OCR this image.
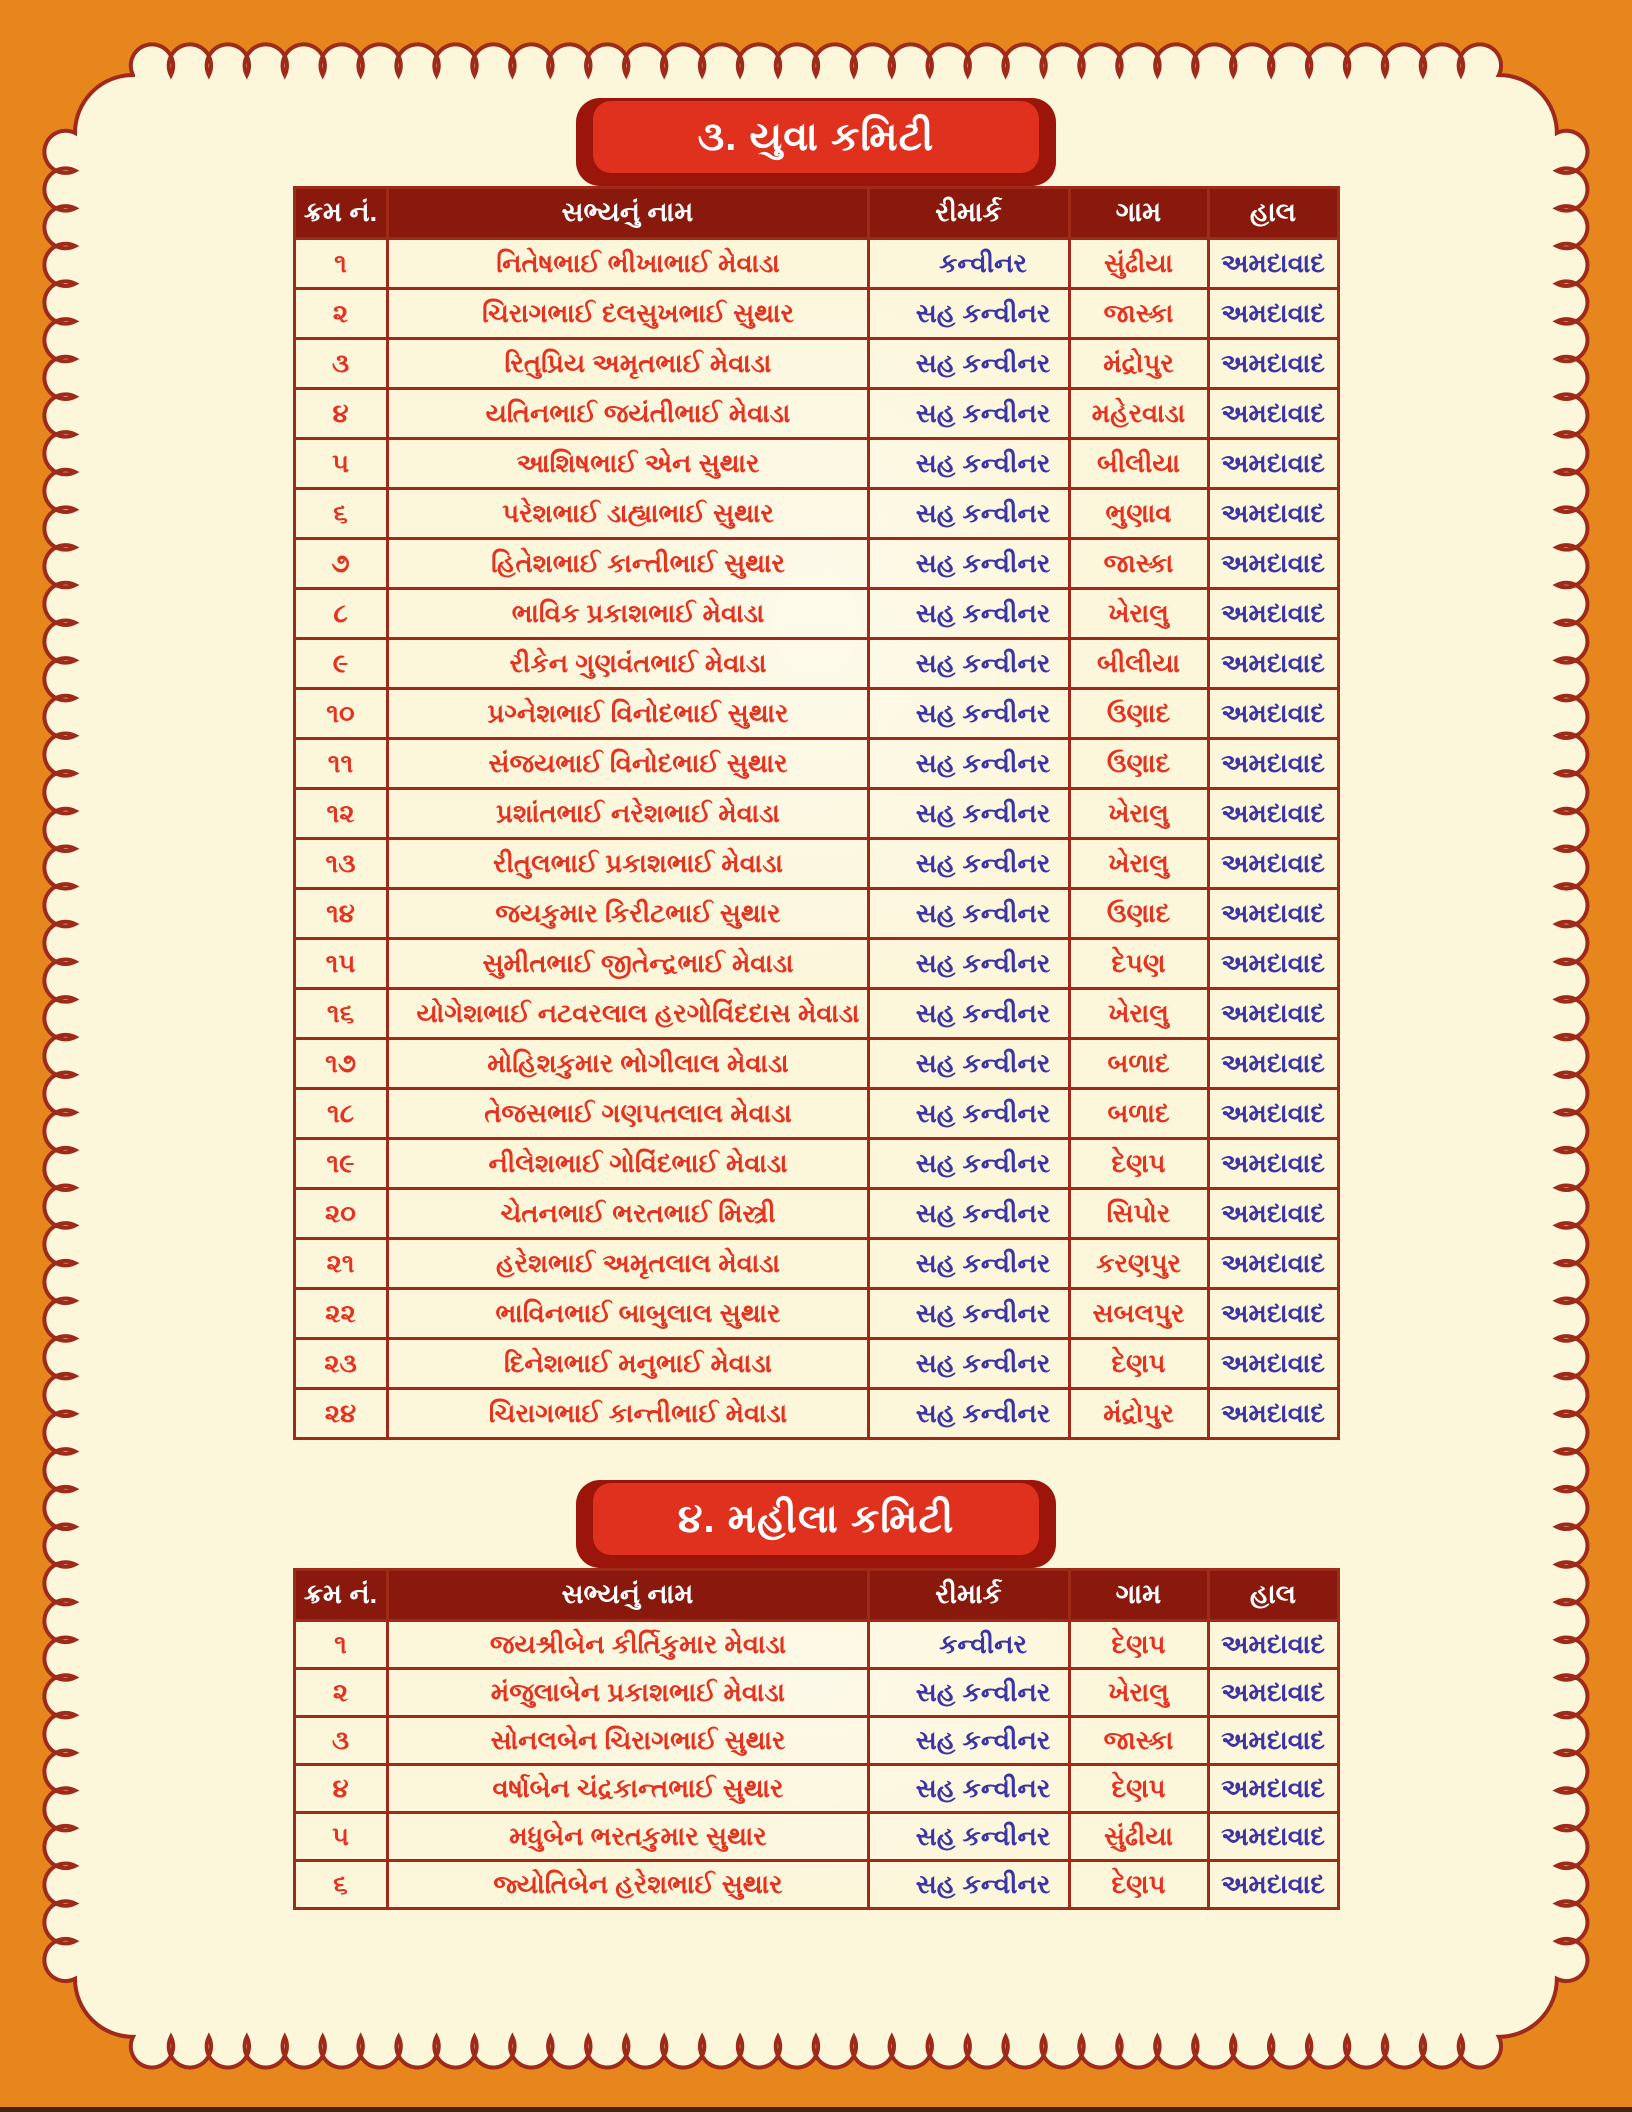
૩. યુવા કમિટી
ક્રમ નં.	સભ્યનું નામ	રીમાર્ક	ગામ	હાલ
૧	નિતેષભાઈ ભીખાભાઈ મેવાડા	કન્વીનર	સુંઢીયા	અમદાવાદ
૨	ચિરાગભાઈ દલસુખભાઈ સુથાર	સહ કન્વીનર	જાસ્કા	અમદાવાદ
૩	રિતુપ્રિય અમૃતભાઈ મેવાડા	સહ કન્વીનર	મંદ્રોપુર	અમદાવાદ
૪	યતિનભાઈ જયંતીભાઈ મેવાડા	સહ કન્વીનર	મહેરવાડા	અમદાવાદ
૫	આશિષભાઈ એન સુથાર	સહ કન્વીનર	બીલીયા	અમદાવાદ
૬	પરેશભાઈ ડાહ્યાભાઈ સુથાર	સહ કન્વીનર	ભુણાવ	અમદાવાદ
૭	હિતેશભાઈ કાન્તીભાઈ સુથાર	સહ કન્વીનર	જાસ્કા	અમદાવાદ
૮	ભાવિક પ્રકાશભાઈ મેવાડા	સહ કન્વીનર	ખેરાલુ	અમદાવાદ
૯	રીકેન ગુણવંતભાઈ મેવાડા	સહ કન્વીનર	બીલીયા	અમદાવાદ
૧૦	પ્રગ્નેશભાઈ વિનોદભાઈ સુથાર	સહ કન્વીનર	ઉણાદ	અમદાવાદ
૧૧	સંજયભાઈ વિનોદભાઈ સુથાર	સહ કન્વીનર	ઉણાદ	અમદાવાદ
૧૨	પ્રશાંતભાઈ નરેશભાઈ મેવાડા	સહ કન્વીનર	ખેરાલુ	અમદાવાદ
૧૩	રીતુલભાઈ પ્રકાશભાઈ મેવાડા	સહ કન્વીનર	ખેરાલુ	અમદાવાદ
૧૪	જયકુમાર કિરીટભાઈ સુથાર	સહ કન્વીનર	ઉણાદ	અમદાવાદ
૧૫	સુમીતભાઈ જીતેન્દ્રભાઈ મેવાડા	સહ કન્વીનર	દેપણ	અમદાવાદ
૧૬	યોગેશભાઈ નટવરલાલ હરગોવિંદદાસ મેવાડા	સહ કન્વીનર	ખેરાલુ	અમદાવાદ
૧૭	મોહિશકુમાર ભોગીલાલ મેવાડા	સહ કન્વીનર	બળાદ	અમદાવાદ
૧૮	તેજસભાઈ ગણપતલાલ મેવાડા	સહ કન્વીનર	બળાદ	અમદાવાદ
૧૯	નીલેશભાઈ ગોવિંદભાઈ મેવાડા	સહ કન્વીનર	દેણપ	અમદાવાદ
૨૦	ચેતનભાઈ ભરતભાઈ મિસ્ત્રી	સહ કન્વીનર	સિપોર	અમદાવાદ
૨૧	હરેશભાઈ અમૃતલાલ મેવાડા	સહ કન્વીનર	કરણપુર	અમદાવાદ
૨૨	ભાવિનભાઈ બાબુલાલ સુથાર	સહ કન્વીનર	સબલપુર	અમદાવાદ
૨૩	દિનેશભાઈ મનુભાઈ મેવાડા	સહ કન્વીનર	દેણપ	અમદાવાદ
૨૪	ચિરાગભાઈ કાન્તીભાઈ મેવાડા	સહ કન્વીનર	મંદ્રોપુર	અમદાવાદ
૪. મહીલા કમિટી
ક્રમ નં.	સભ્યનું નામ	રીમાર્ક	ગામ	હાલ
૧	જયશ્રીબેન કીર્તિકુમાર મેવાડા	કન્વીનર	દેણપ	અમદાવાદ
૨	મંજુલાબેન પ્રકાશભાઈ મેવાડા	સહ કન્વીનર	ખેરાલુ	અમદાવાદ
૩	સોનલબેન ચિરાગભાઈ સુથાર	સહ કન્વીનર	જાસ્કા	અમદાવાદ
૪	વર્ષાબેન ચંદ્રકાન્તભાઈ સુથાર	સહ કન્વીનર	દેણપ	અમદાવાદ
૫	મધુબેન ભરતકુમાર સુથાર	સહ કન્વીનર	સુંઢીયા	અમદાવાદ
૬	જ્યોતિબેન હરેશભાઈ સુથાર	સહ કન્વીનર	દેણપ	અમદાવાદ
